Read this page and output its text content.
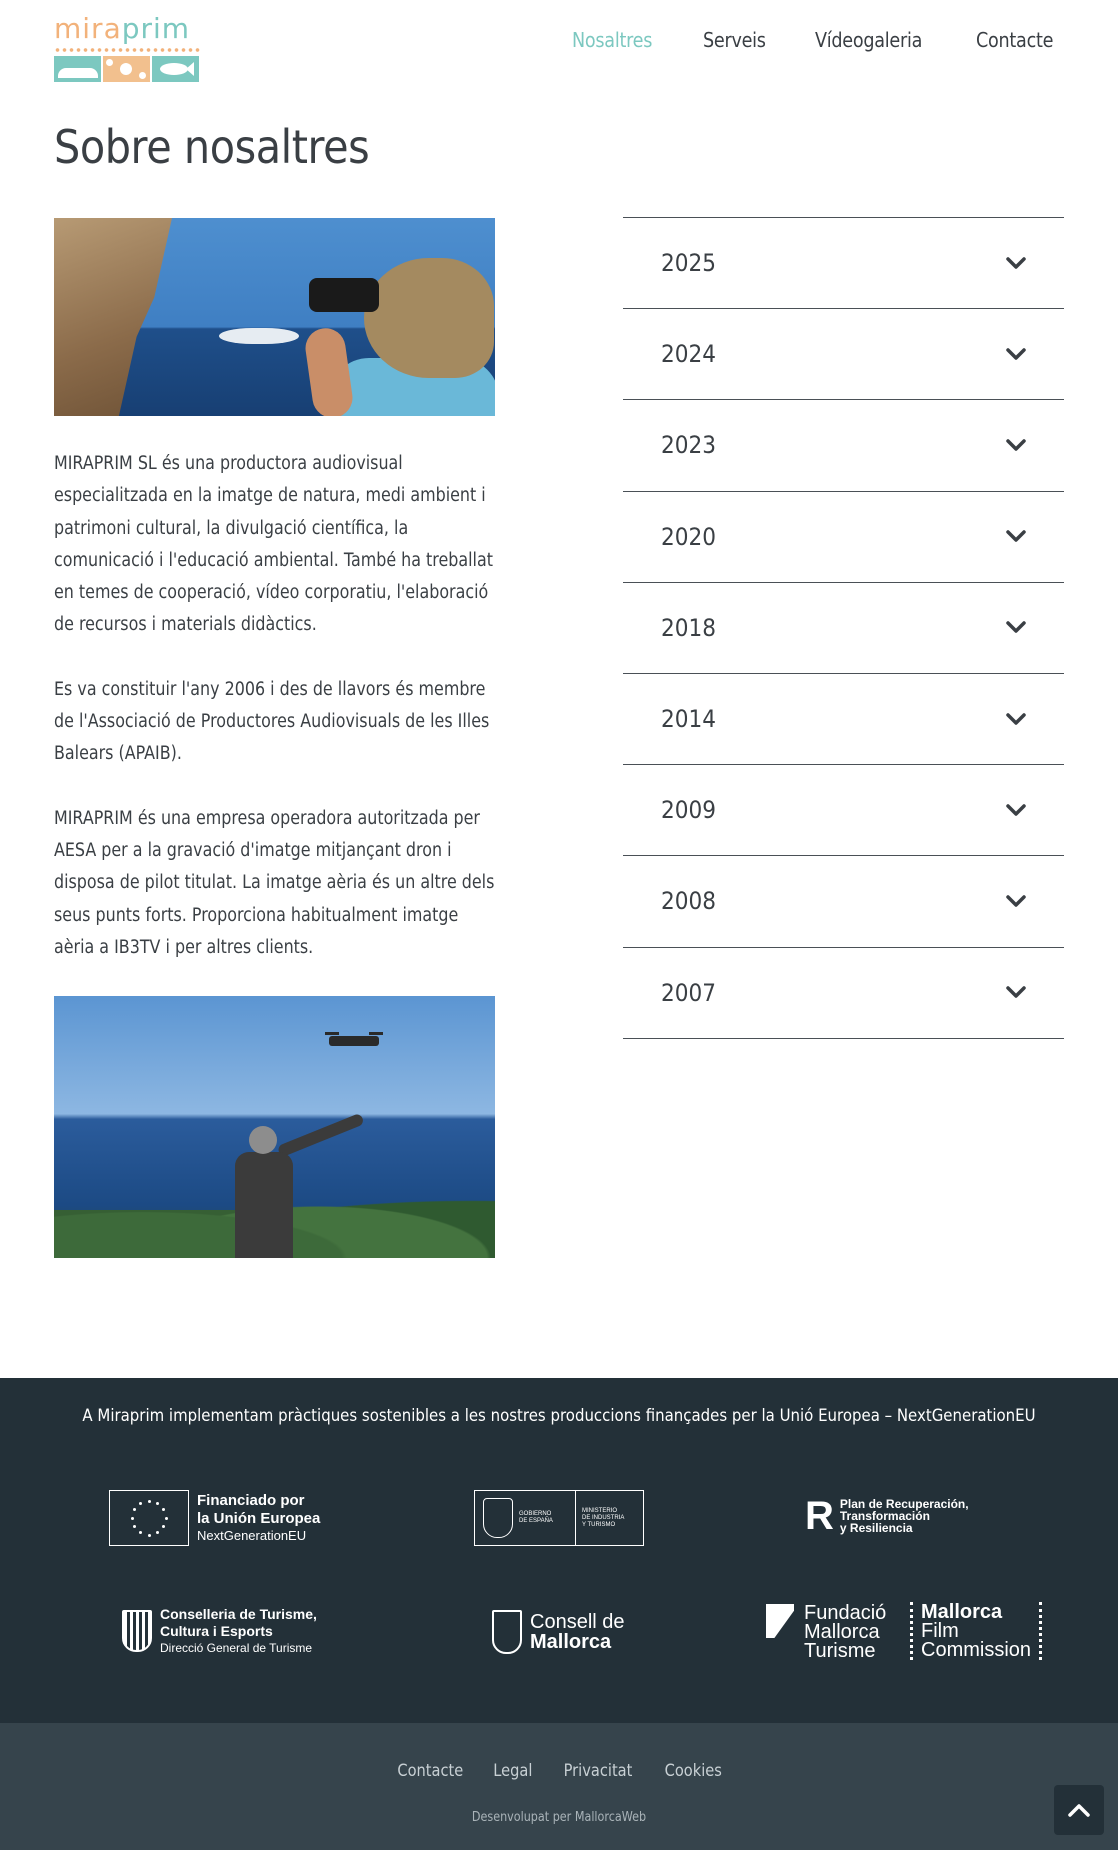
miraprim	Nosaltres	Serveis Vídeogaleria	Contacte
Sobre nosaltres

MIRAPRIM SL és una productora audiovisual especialitzada en la imatge de natura, medi ambient i patrimoni cultural, la divulgació científica, la comunicació i l'educació ambiental. També ha treballat en temes de cooperació, vídeo corporatiu, l'elaboració de recursos i materials didàctics.

Es va constituir l'any 2006 i des de llavors és membre de l'Associació de Productores Audiovisuals de les Illes Balears (APAIB).

MIRAPRIM és una empresa operadora autoritzada per AESA per a la gravació d'imatge mitjançant dron i disposa de pilot titulat. La imatge aèria és un altre dels seus punts forts. Proporciona habitualment imatge aèria a IB3TV i per altres clients.

2025
2024
2023
2020
2018
2014
2009
2008
2007
A Miraprim implementam pràctiques sostenibles a les nostres produccions finançades per la Unió Europea – NextGenerationEU
Financiado por
la Unión Europea
NextGenerationEU
GOBIERNO
DE ESPAÑA
MINISTERIO
DE INDUSTRIA
Y TURISMO	R Plan de Recuperación,
Transformación
y Resiliencia
Conselleria de Turisme,
Cultura i Esports
Direcció General de Turisme
Consell de
Mallorca
Fundació
Mallorca
Turisme
Mallorca
Film
Commission
Contacte Legal Privacitat Cookies
Desenvolupat per MallorcaWeb
